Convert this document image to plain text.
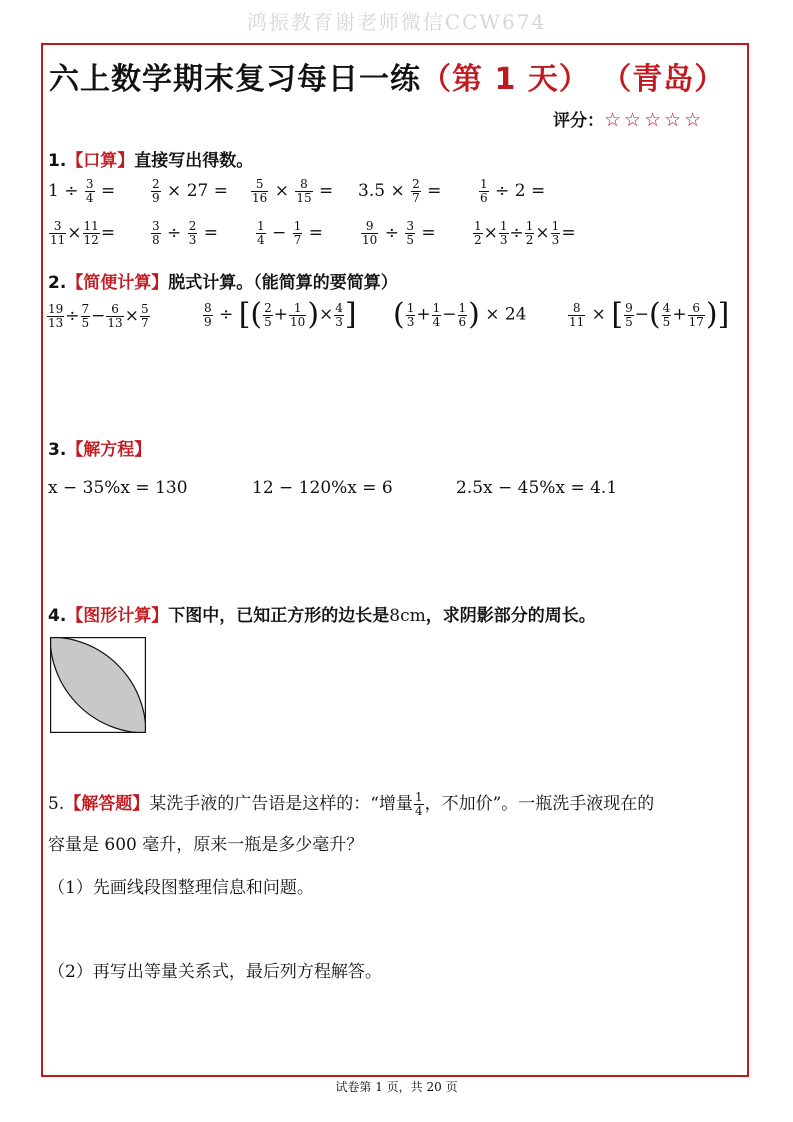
鸿振教育谢老师微信CCW674
六上数学期末复习每日一练（第 1 天） （青岛）
评分：☆☆☆☆☆
1.【口算】直接写出得数。
$1 \div \frac{3}{4}$ =	$\frac{2}{9} \times 27 = \frac{5}{16} \times \frac{8}{15} = 3.5 \times \frac{2}{7}$ =	$\frac{1}{6} \div 2$ =
$\frac{3}{11} \times \frac{11}{12}$ =	$\frac{3}{8} \div \frac{2}{3}$ =	$\frac{1}{4} - \frac{1}{7}$ =	$\frac{9}{10} \div \frac{3}{5}$ =	$\frac{1}{2} \times \frac{1}{3} \div \frac{1}{2} \times \frac{1}{3}$ =
2.【简便计算】脱式计算。（能简算的要简算）
$\frac{19}{13} \div \frac{7}{5} - \frac{6}{13} \times \frac{5}{7}$	$\frac{8}{9}$ ÷ [( $\frac{2}{5} + \frac{1}{10}$ )× $\frac{4}{3}$ ] ( $\frac{1}{3} + \frac{1}{4} - \frac{1}{6}$ ) × 24	$\frac{8}{11}$ × [ $\frac{9}{5}$ −( $\frac{4}{5} + \frac{6}{17}$ )]
3.【解方程】
x − 35%x = 130	12 − 120%x = 6	2.5x − 45%x = 4.1
4.【图形计算】下图中，已知正方形的边长是8cm，求阴影部分的周长。
5.【解答题】某洗手液的广告语是这样的：“增量 $\frac{1}{4}$ ，不加价”。一瓶洗手液现在的
容量是 600 毫升，原来一瓶是多少毫升？
（1）先画线段图整理信息和问题。
（2）再写出等量关系式，最后列方程解答。
试卷第 1 页，共 20 页
